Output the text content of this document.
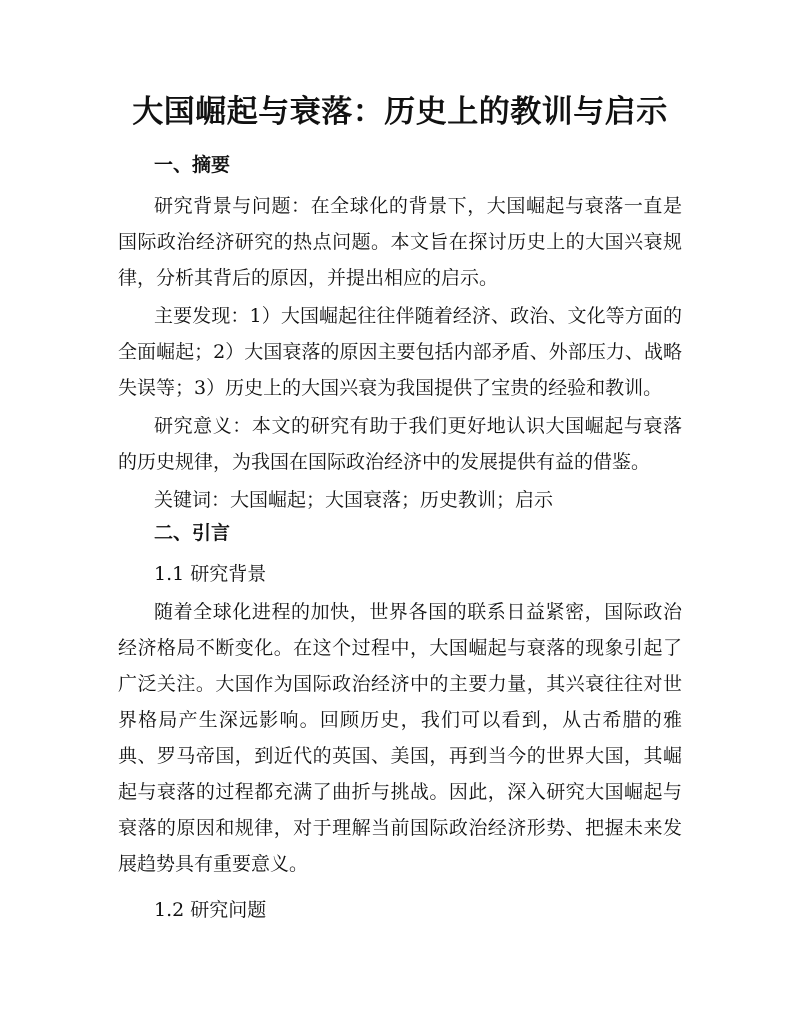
大国崛起与衰落：历史上的教训与启示
一、摘要

研究背景与问题：在全球化的背景下，大国崛起与衰落一直是国际政治经济研究的热点问题。本文旨在探讨历史上的大国兴衰规律，分析其背后的原因，并提出相应的启示。

主要发现：1）大国崛起往往伴随着经济、政治、文化等方面的全面崛起；2）大国衰落的原因主要包括内部矛盾、外部压力、战略失误等；3）历史上的大国兴衰为我国提供了宝贵的经验和教训。

研究意义：本文的研究有助于我们更好地认识大国崛起与衰落的历史规律，为我国在国际政治经济中的发展提供有益的借鉴。

关键词：大国崛起；大国衰落；历史教训；启示

二、引言
1.1 研究背景

随着全球化进程的加快，世界各国的联系日益紧密，国际政治经济格局不断变化。在这个过程中，大国崛起与衰落的现象引起了广泛关注。大国作为国际政治经济中的主要力量，其兴衰往往对世界格局产生深远影响。回顾历史，我们可以看到，从古希腊的雅典、罗马帝国，到近代的英国、美国，再到当今的世界大国，其崛起与衰落的过程都充满了曲折与挑战。因此，深入研究大国崛起与衰落的原因和规律，对于理解当前国际政治经济形势、把握未来发展趋势具有重要意义。

1.2 研究问题
